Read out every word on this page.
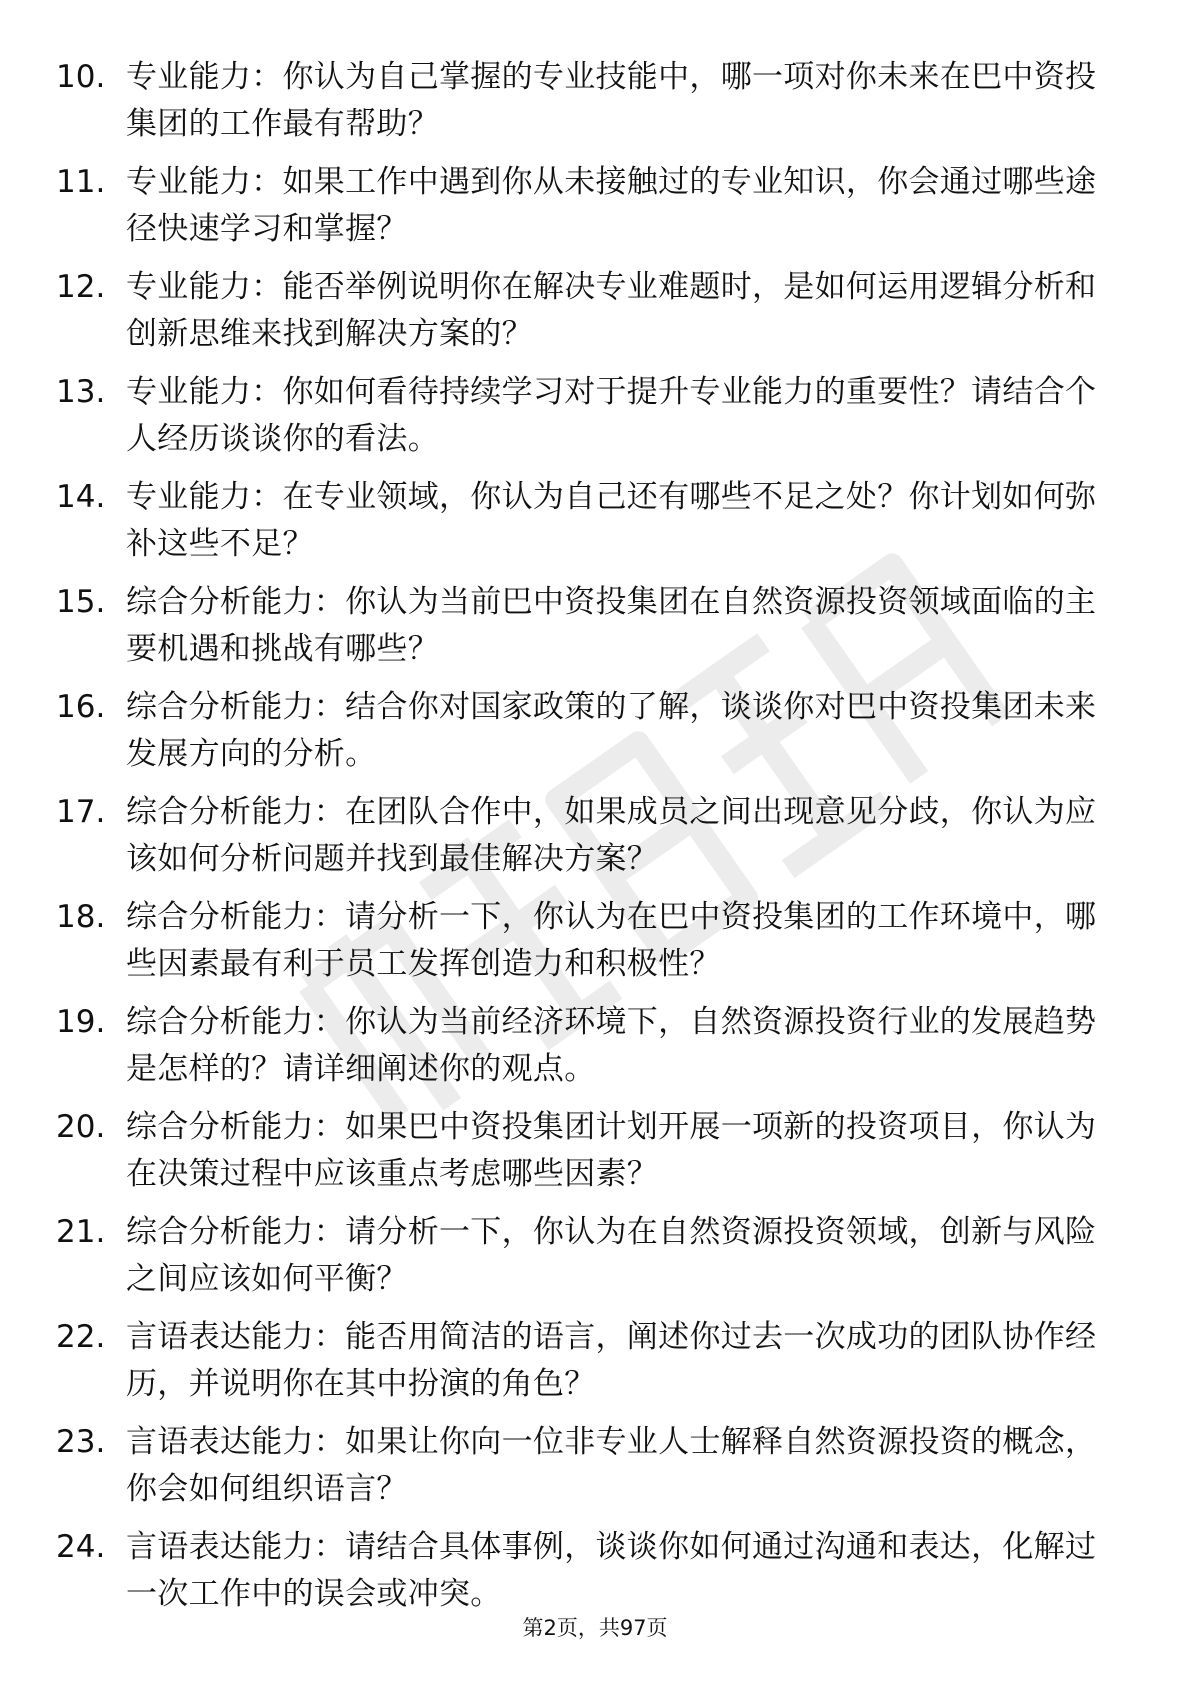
10. 专业能力：你认为自己掌握的专业技能中，哪一项对你未来在巴中资投集团的工作最有帮助？
11. 专业能力：如果工作中遇到你从未接触过的专业知识，你会通过哪些途径快速学习和掌握？
12. 专业能力：能否举例说明你在解决专业难题时，是如何运用逻辑分析和创新思维来找到解决方案的？
13. 专业能力：你如何看待持续学习对于提升专业能力的重要性？请结合个人经历谈谈你的看法。
14. 专业能力：在专业领域，你认为自己还有哪些不足之处？你计划如何弥补这些不足？
15. 综合分析能力：你认为当前巴中资投集团在自然资源投资领域面临的主要机遇和挑战有哪些？
16. 综合分析能力：结合你对国家政策的了解，谈谈你对巴中资投集团未来发展方向的分析。
17. 综合分析能力：在团队合作中，如果成员之间出现意见分歧，你认为应该如何分析问题并找到最佳解决方案？
18. 综合分析能力：请分析一下，你认为在巴中资投集团的工作环境中，哪些因素最有利于员工发挥创造力和积极性？
19. 综合分析能力：你认为当前经济环境下，自然资源投资行业的发展趋势是怎样的？请详细阐述你的观点。
20. 综合分析能力：如果巴中资投集团计划开展一项新的投资项目，你认为在决策过程中应该重点考虑哪些因素？
21. 综合分析能力：请分析一下，你认为在自然资源投资领域，创新与风险之间应该如何平衡？
22. 言语表达能力：能否用简洁的语言，阐述你过去一次成功的团队协作经历，并说明你在其中扮演的角色？
23. 言语表达能力：如果让你向一位非专业人士解释自然资源投资的概念，你会如何组织语言？
24. 言语表达能力：请结合具体事例，谈谈你如何通过沟通和表达，化解过一次工作中的误会或冲突。
第2页，共97页
